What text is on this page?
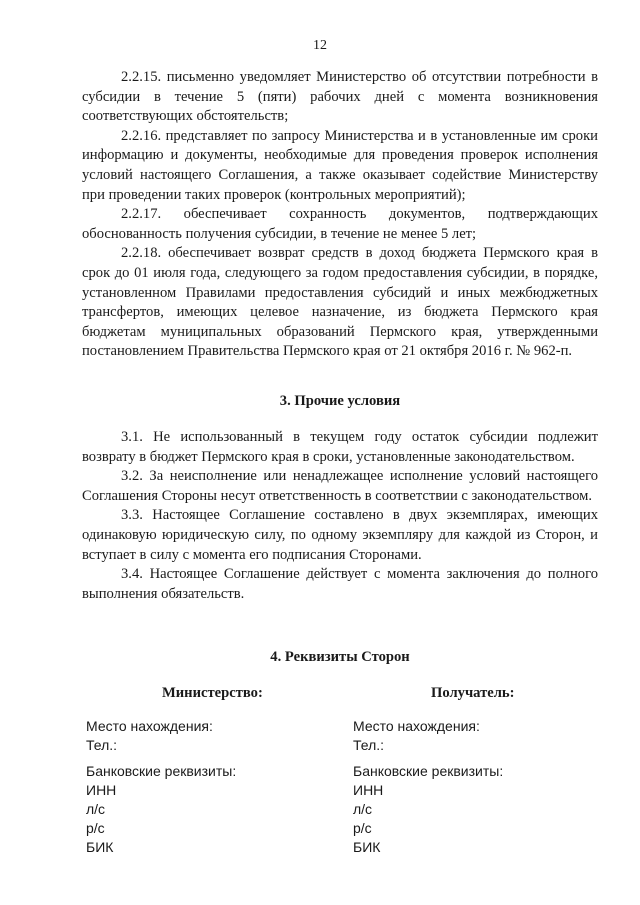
12

2.2.15. письменно уведомляет Министерство об отсутствии потребности в субсидии в течение 5 (пяти) рабочих дней с момента возникновения соответствующих обстоятельств;

2.2.16. представляет по запросу Министерства и в установленные им сроки информацию и документы, необходимые для проведения проверок исполнения условий настоящего Соглашения, а также оказывает содействие Министерству при проведении таких проверок (контрольных мероприятий);

2.2.17. обеспечивает сохранность документов, подтверждающих обоснованность получения субсидии, в течение не менее 5 лет;

2.2.18. обеспечивает возврат средств в доход бюджета Пермского края в срок до 01 июля года, следующего за годом предоставления субсидии, в порядке, установленном Правилами предоставления субсидий и иных межбюджетных трансфертов, имеющих целевое назначение, из бюджета Пермского края бюджетам муниципальных образований Пермского края, утвержденными постановлением Правительства Пермского края от 21 октября 2016 г. № 962-п.

3. Прочие условия

3.1. Не использованный в текущем году остаток субсидии подлежит возврату в бюджет Пермского края в сроки, установленные законодательством.

3.2. За неисполнение или ненадлежащее исполнение условий настоящего Соглашения Стороны несут ответственность в соответствии с законодательством.

3.3. Настоящее Соглашение составлено в двух экземплярах, имеющих одинаковую юридическую силу, по одному экземпляру для каждой из Сторон, и вступает в силу с момента его подписания Сторонами.

3.4. Настоящее Соглашение действует с момента заключения до полного выполнения обязательств.

4. Реквизиты Сторон
Министерство:

Место нахождения:

Тел.:

Банковские реквизиты:

ИНН

л/с

р/с

БИК

Получатель:

Место нахождения:

Тел.:

Банковские реквизиты:

ИНН

л/с

р/с

БИК
